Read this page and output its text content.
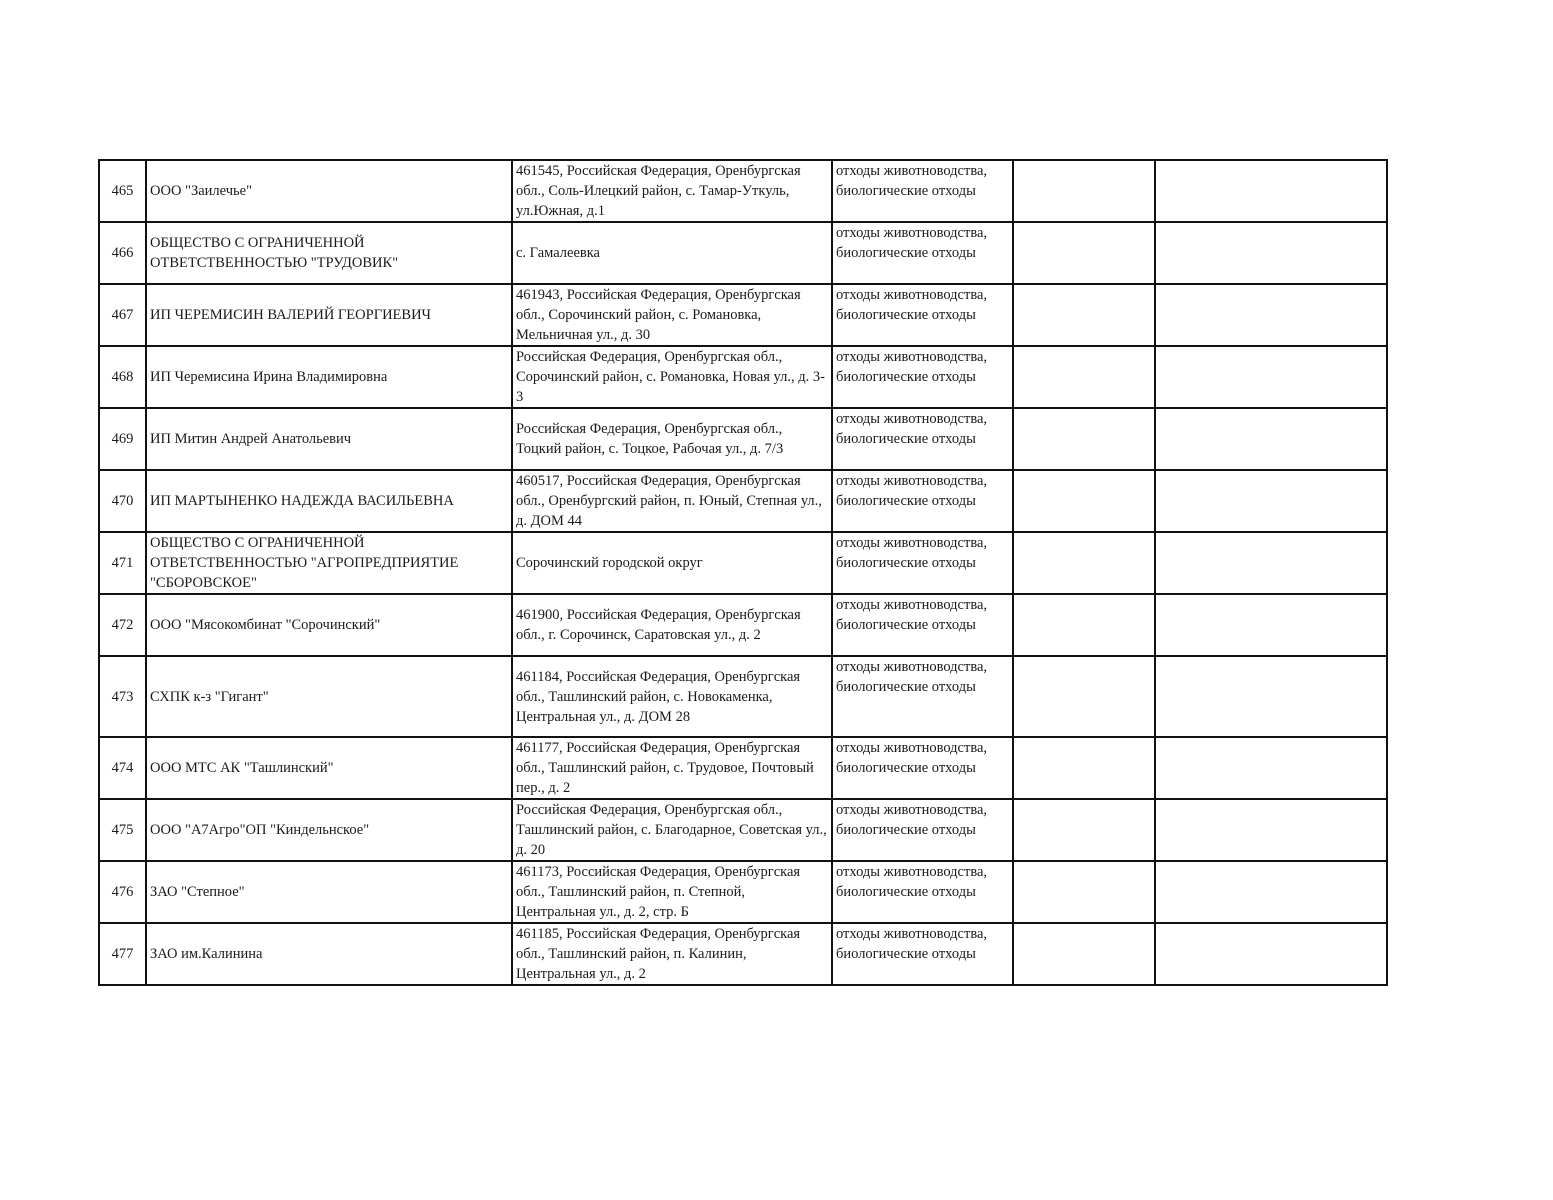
465	ООО "Заилечье"	461545, Российская Федерация, Оренбургская обл., Соль-Илецкий район, с. Тамар-Уткуль, ул.Южная, д.1	отходы животноводства, биологические отходы		

466	ОБЩЕСТВО С ОГРАНИЧЕННОЙ ОТВЕТСТВЕННОСТЬЮ "ТРУДОВИК"	с. Гамалеевка	отходы животноводства, биологические отходы		

467	ИП ЧЕРЕМИСИН ВАЛЕРИЙ ГЕОРГИЕВИЧ	461943, Российская Федерация, Оренбургская обл., Сорочинский район, с. Романовка, Мельничная ул., д. 30	отходы животноводства, биологические отходы		

468	ИП Черемисина Ирина Владимировна	Российская Федерация, Оренбургская обл., Сорочинский район, с. Романовка, Новая ул., д. 3-3	отходы животноводства, биологические отходы		

469	ИП Митин Андрей Анатольевич	Российская Федерация, Оренбургская обл., Тоцкий район, с. Тоцкое, Рабочая ул., д. 7/3	отходы животноводства, биологические отходы		

470	ИП МАРТЫНЕНКО НАДЕЖДА ВАСИЛЬЕВНА	460517, Российская Федерация, Оренбургская обл., Оренбургский район, п. Юный, Степная ул., д. ДОМ 44	отходы животноводства, биологические отходы		

471	ОБЩЕСТВО С ОГРАНИЧЕННОЙ ОТВЕТСТВЕННОСТЬЮ "АГРОПРЕДПРИЯТИЕ "СБОРОВСКОЕ"	Сорочинский городской округ	отходы животноводства, биологические отходы		

472	ООО "Мясокомбинат "Сорочинский"	461900, Российская Федерация, Оренбургская обл., г. Сорочинск, Саратовская ул., д. 2	отходы животноводства, биологические отходы		

473	СХПК к-з "Гигант"	461184, Российская Федерация, Оренбургская обл., Ташлинский район, с. Новокаменка, Центральная ул., д. ДОМ 28	отходы животноводства, биологические отходы		

474	ООО МТС АК "Ташлинский"	461177, Российская Федерация, Оренбургская обл., Ташлинский район, с. Трудовое, Почтовый пер., д. 2	отходы животноводства, биологические отходы		

475	ООО "А7Агро"ОП "Киндельнское"	Российская Федерация, Оренбургская обл., Ташлинский район, с. Благодарное, Советская ул., д. 20	отходы животноводства, биологические отходы		

476	ЗАО "Степное"	461173, Российская Федерация, Оренбургская обл., Ташлинский район, п. Степной, Центральная ул., д. 2, стр. Б	отходы животноводства, биологические отходы		

477	ЗАО им.Калинина	461185, Российская Федерация, Оренбургская обл., Ташлинский район, п. Калинин, Центральная ул., д. 2	отходы животноводства, биологические отходы		
